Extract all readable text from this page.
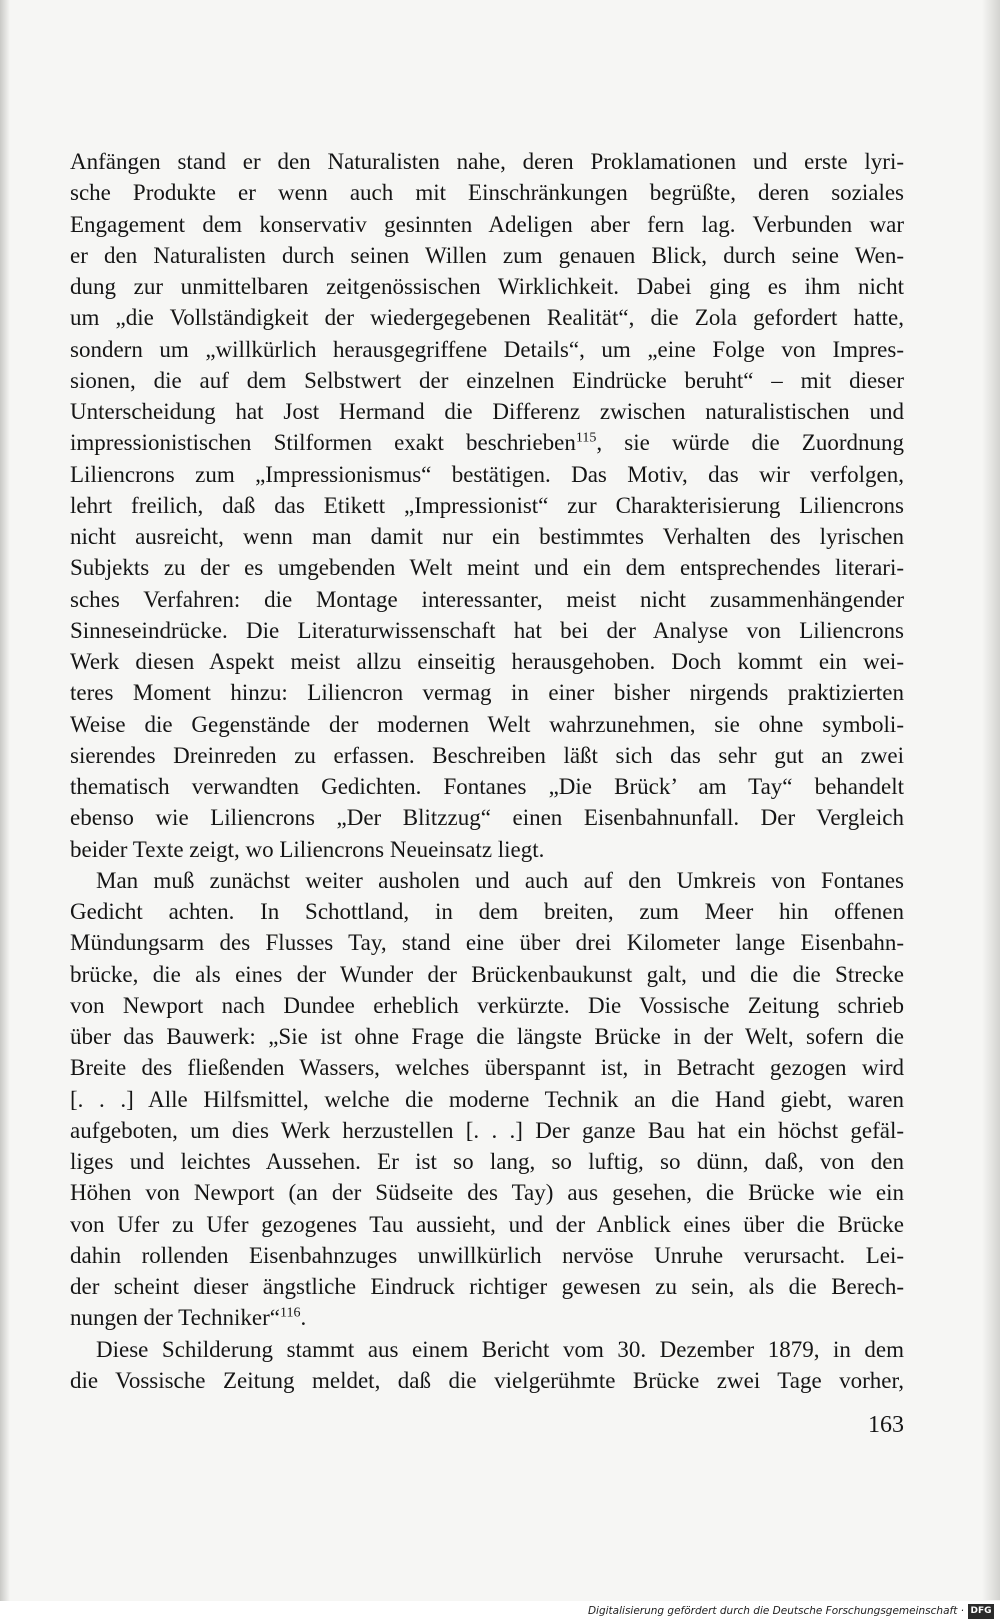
Anfängen stand er den Naturalisten nahe, deren Proklamationen und erste lyri-
sche Produkte er wenn auch mit Einschränkungen begrüßte, deren soziales
Engagement dem konservativ gesinnten Adeligen aber fern lag. Verbunden war
er den Naturalisten durch seinen Willen zum genauen Blick, durch seine Wen-
dung zur unmittelbaren zeitgenössischen Wirklichkeit. Dabei ging es ihm nicht
um „die Vollständigkeit der wiedergegebenen Realität“, die Zola gefordert hatte,
sondern um „willkürlich herausgegriffene Details“, um „eine Folge von Impres-
sionen, die auf dem Selbstwert der einzelnen Eindrücke beruht“ – mit dieser
Unterscheidung hat Jost Hermand die Differenz zwischen naturalistischen und
impressionistischen Stilformen exakt beschrieben$^{115}$, sie würde die Zuordnung
Liliencrons zum „Impressionismus“ bestätigen. Das Motiv, das wir verfolgen,
lehrt freilich, daß das Etikett „Impressionist“ zur Charakterisierung Liliencrons
nicht ausreicht, wenn man damit nur ein bestimmtes Verhalten des lyrischen
Subjekts zu der es umgebenden Welt meint und ein dem entsprechendes literari-
sches Verfahren: die Montage interessanter, meist nicht zusammenhängender
Sinneseindrücke. Die Literaturwissenschaft hat bei der Analyse von Liliencrons
Werk diesen Aspekt meist allzu einseitig herausgehoben. Doch kommt ein wei-
teres Moment hinzu: Liliencron vermag in einer bisher nirgends praktizierten
Weise die Gegenstände der modernen Welt wahrzunehmen, sie ohne symboli-
sierendes Dreinreden zu erfassen. Beschreiben läßt sich das sehr gut an zwei
thematisch verwandten Gedichten. Fontanes „Die Brück’ am Tay“ behandelt
ebenso wie Liliencrons „Der Blitzzug“ einen Eisenbahnunfall. Der Vergleich
beider Texte zeigt, wo Liliencrons Neueinsatz liegt.
Man muß zunächst weiter ausholen und auch auf den Umkreis von Fontanes
Gedicht achten. In Schottland, in dem breiten, zum Meer hin offenen
Mündungsarm des Flusses Tay, stand eine über drei Kilometer lange Eisenbahn-
brücke, die als eines der Wunder der Brückenbaukunst galt, und die die Strecke
von Newport nach Dundee erheblich verkürzte. Die Vossische Zeitung schrieb
über das Bauwerk: „Sie ist ohne Frage die längste Brücke in der Welt, sofern die
Breite des fließenden Wassers, welches überspannt ist, in Betracht gezogen wird
[. . .] Alle Hilfsmittel, welche die moderne Technik an die Hand giebt, waren
aufgeboten, um dies Werk herzustellen [. . .] Der ganze Bau hat ein höchst gefäl-
liges und leichtes Aussehen. Er ist so lang, so luftig, so dünn, daß, von den
Höhen von Newport (an der Südseite des Tay) aus gesehen, die Brücke wie ein
von Ufer zu Ufer gezogenes Tau aussieht, und der Anblick eines über die Brücke
dahin rollenden Eisenbahnzuges unwillkürlich nervöse Unruhe verursacht. Lei-
der scheint dieser ängstliche Eindruck richtiger gewesen zu sein, als die Berech-
nungen der Techniker“$^{116}$.
Diese Schilderung stammt aus einem Bericht vom 30. Dezember 1879, in dem
die Vossische Zeitung meldet, daß die vielgerühmte Brücke zwei Tage vorher,
163
Digitalisierung gefördert durch die Deutsche Forschungsgemeinschaft · DFG
